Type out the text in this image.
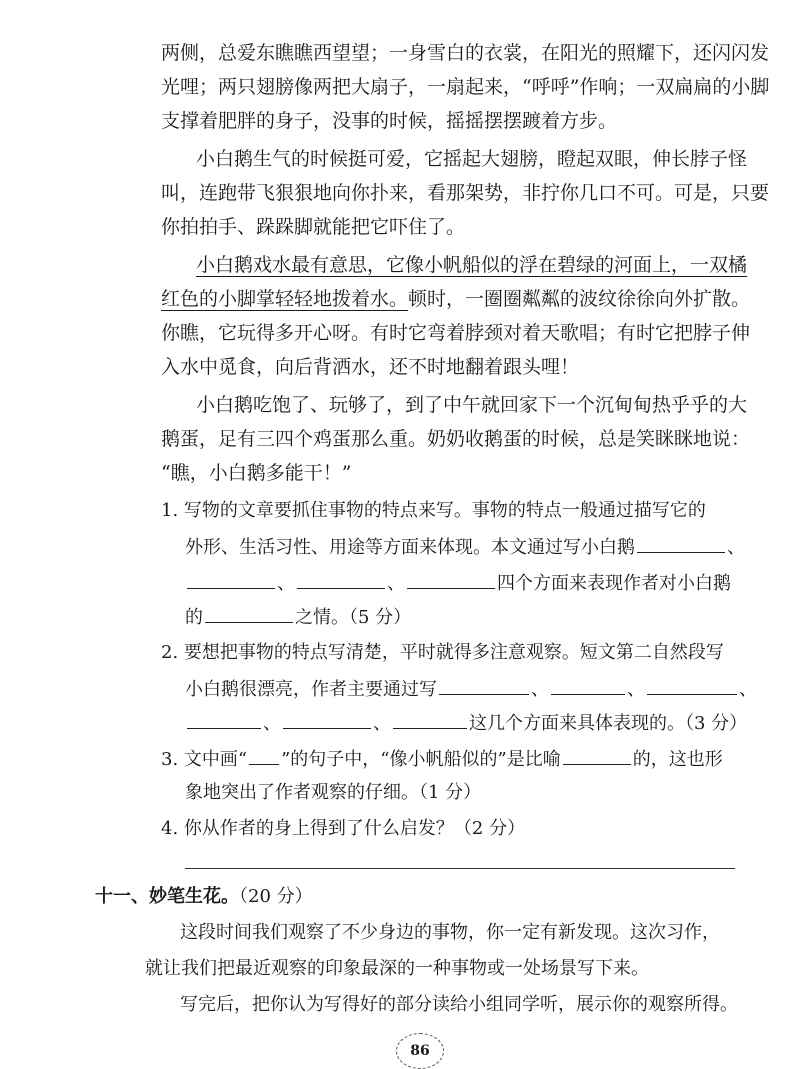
两侧，总爱东瞧瞧西望望；一身雪白的衣裳，在阳光的照耀下，还闪闪发
光哩；两只翅膀像两把大扇子，一扇起来，“呼呼”作响；一双扁扁的小脚
支撑着肥胖的身子，没事的时候，摇摇摆摆踱着方步。
小白鹅生气的时候挺可爱，它摇起大翅膀，瞪起双眼，伸长脖子怪
叫，连跑带飞狠狠地向你扑来，看那架势，非拧你几口不可。可是，只要
你拍拍手、跺跺脚就能把它吓住了。
小白鹅戏水最有意思，它像小帆船似的浮在碧绿的河面上，一双橘
红色的小脚掌轻轻地拨着水。顿时，一圈圈粼粼的波纹徐徐向外扩散。
你瞧，它玩得多开心呀。有时它弯着脖颈对着天歌唱；有时它把脖子伸
入水中觅食，向后背洒水，还不时地翻着跟头哩！
小白鹅吃饱了、玩够了，到了中午就回家下一个沉甸甸热乎乎的大
鹅蛋，足有三四个鸡蛋那么重。奶奶收鹅蛋的时候，总是笑眯眯地说：
“瞧，小白鹅多能干！”
1. 写物的文章要抓住事物的特点来写。事物的特点一般通过描写它的
外形、生活习性、用途等方面来体现。本文通过写小白鹅	、
、	、	四个方面来表现作者对小白鹅
的	之情。（5 分）
2. 要想把事物的特点写清楚，平时就得多注意观察。短文第二自然段写
小白鹅很漂亮，作者主要通过写	、	、	、
、	、	这几个方面来具体表现的。（3 分）
3. 文中画“ ”的句子中，“像小帆船似的”是比喻	的，这也形
象地突出了作者观察的仔细。（1 分）
4. 你从作者的身上得到了什么启发？（2 分）
十一、妙笔生花。（20 分）
这段时间我们观察了不少身边的事物，你一定有新发现。这次习作，
就让我们把最近观察的印象最深的一种事物或一处场景写下来。
写完后，把你认为写得好的部分读给小组同学听，展示你的观察所得。
86
